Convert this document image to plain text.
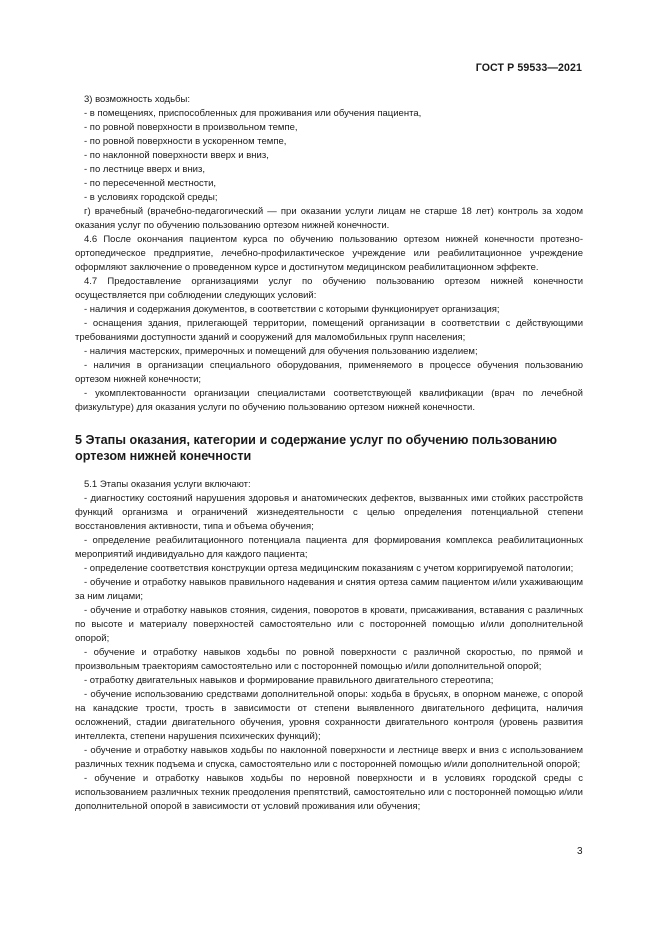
ГОСТ Р 59533—2021

3) возможность ходьбы:

- в помещениях, приспособленных для проживания или обучения пациента,

- по ровной поверхности в произвольном темпе,

- по ровной поверхности в ускоренном темпе,

- по наклонной поверхности вверх и вниз,

- по лестнице вверх и вниз,

- по пересеченной местности,

- в условиях городской среды;

г) врачебный (врачебно-педагогический — при оказании услуги лицам не старше 18 лет) контроль за ходом оказания услуг по обучению пользованию ортезом нижней конечности.

4.6 После окончания пациентом курса по обучению пользованию ортезом нижней конечности протезно-ортопедическое предприятие, лечебно-профилактическое учреждение или реабилитационное учреждение оформляют заключение о проведенном курсе и достигнутом медицинском реабилитационном эффекте.

4.7 Предоставление организациями услуг по обучению пользованию ортезом нижней конечности осуществляется при соблюдении следующих условий:

- наличия и содержания документов, в соответствии с которыми функционирует организация;

- оснащения здания, прилегающей территории, помещений организации в соответствии с действующими требованиями доступности зданий и сооружений для маломобильных групп населения;

- наличия мастерских, примерочных и помещений для обучения пользованию изделием;

- наличия в организации специального оборудования, применяемого в процессе обучения пользованию ортезом нижней конечности;

- укомплектованности организации специалистами соответствующей квалификации (врач по лечебной физкультуре) для оказания услуги по обучению пользованию ортезом нижней конечности.

5 Этапы оказания, категории и содержание услуг по обучению пользованию ортезом нижней конечности

5.1 Этапы оказания услуги включают:

- диагностику состояний нарушения здоровья и анатомических дефектов, вызванных ими стойких расстройств функций организма и ограничений жизнедеятельности с целью определения потенциальной степени восстановления активности, типа и объема обучения;

- определение реабилитационного потенциала пациента для формирования комплекса реабилитационных мероприятий индивидуально для каждого пациента;

- определение соответствия конструкции ортеза медицинским показаниям с учетом корригируемой патологии;

- обучение и отработку навыков правильного надевания и снятия ортеза самим пациентом и/или ухаживающим за ним лицами;

- обучение и отработку навыков стояния, сидения, поворотов в кровати, присаживания, вставания с различных по высоте и материалу поверхностей самостоятельно или с посторонней помощью и/или дополнительной опорой;

- обучение и отработку навыков ходьбы по ровной поверхности с различной скоростью, по прямой и произвольным траекториям самостоятельно или с посторонней помощью и/или дополнительной опорой;

- отработку двигательных навыков и формирование правильного двигательного стереотипа;

- обучение использованию средствами дополнительной опоры: ходьба в брусьях, в опорном манеже, с опорой на канадские трости, трость в зависимости от степени выявленного двигательного дефицита, наличия осложнений, стадии двигательного обучения, уровня сохранности двигательного контроля (уровень развития интеллекта, степени нарушения психических функций);

- обучение и отработку навыков ходьбы по наклонной поверхности и лестнице вверх и вниз с использованием различных техник подъема и спуска, самостоятельно или с посторонней помощью и/или дополнительной опорой;

- обучение и отработку навыков ходьбы по неровной поверхности и в условиях городской среды с использованием различных техник преодоления препятствий, самостоятельно или с посторонней помощью и/или дополнительной опорой в зависимости от условий проживания или обучения;

3
